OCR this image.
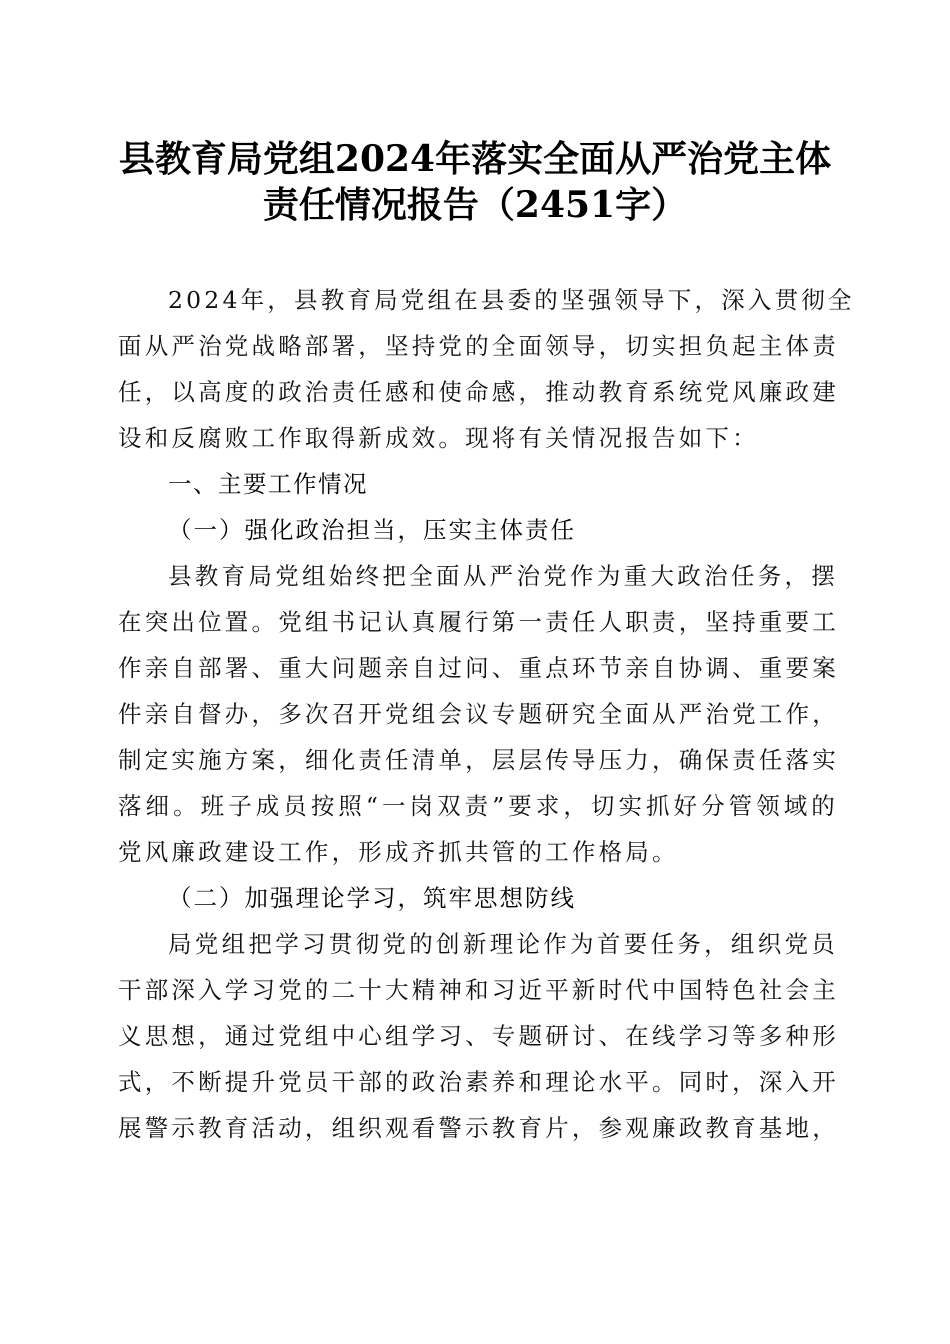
县教育局党组2024年落实全面从严治党主体
责任情况报告（2451字）
2024年，县教育局党组在县委的坚强领导下，深入贯彻全
面从严治党战略部署，坚持党的全面领导，切实担负起主体责
任，以高度的政治责任感和使命感，推动教育系统党风廉政建
设和反腐败工作取得新成效。现将有关情况报告如下：
一、主要工作情况
（一）强化政治担当，压实主体责任
县教育局党组始终把全面从严治党作为重大政治任务，摆
在突出位置。党组书记认真履行第一责任人职责，坚持重要工
作亲自部署、重大问题亲自过问、重点环节亲自协调、重要案
件亲自督办，多次召开党组会议专题研究全面从严治党工作，
制定实施方案，细化责任清单，层层传导压力，确保责任落实
落细。班子成员按照“一岗双责”要求，切实抓好分管领域的
党风廉政建设工作，形成齐抓共管的工作格局。
（二）加强理论学习，筑牢思想防线
局党组把学习贯彻党的创新理论作为首要任务，组织党员
干部深入学习党的二十大精神和习近平新时代中国特色社会主
义思想，通过党组中心组学习、专题研讨、在线学习等多种形
式，不断提升党员干部的政治素养和理论水平。同时，深入开
展警示教育活动，组织观看警示教育片，参观廉政教育基地，
